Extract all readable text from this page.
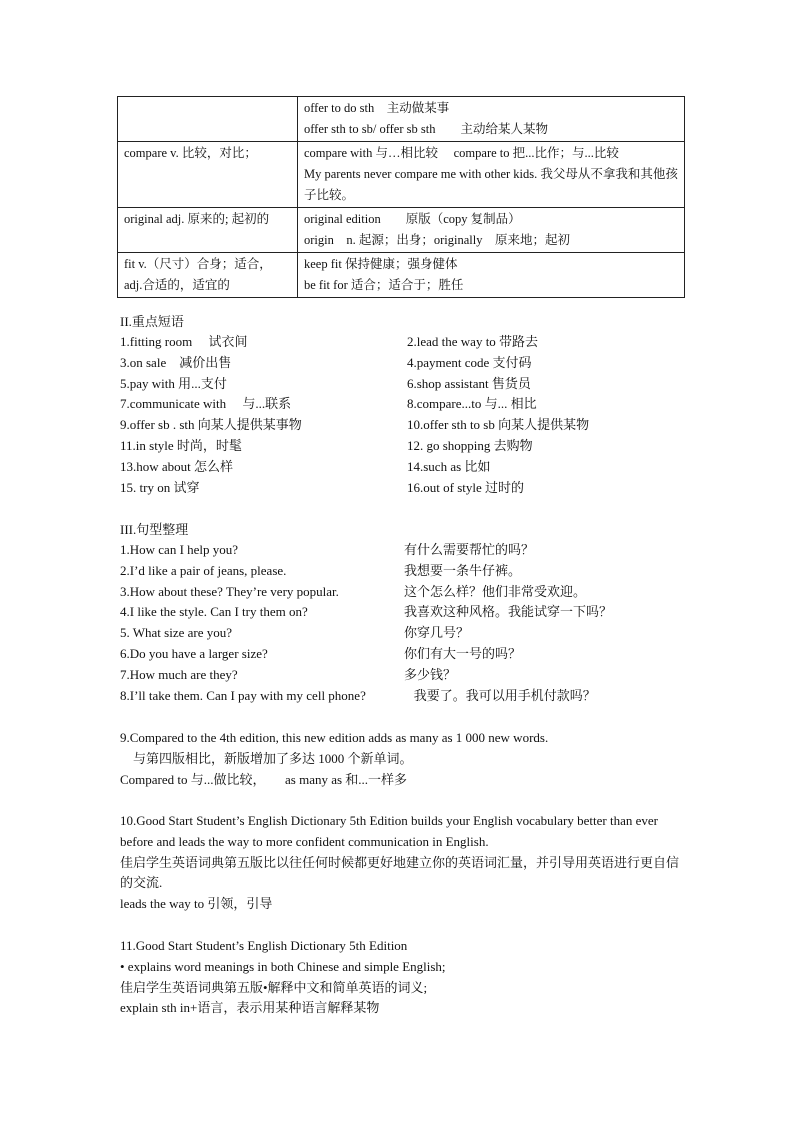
	offer to do sth　主动做某事
offer sth to sb/ offer sb sth　　主动给某人某物

compare v. 比较，对比；	compare with 与…相比较　 compare to 把...比作；与...比较
My parents never compare me with other kids. 我父母从不拿我和其他孩子比较。

original adj. 原来的; 起初的	original edition　　原版（copy 复制品）
origin　n. 起源；出身；originally　原来地；起初

fit v.（尺寸）合身；适合，
adj.合适的，适宜的	keep fit 保持健康；强身健体
be fit for 适合；适合于；胜任
II.重点短语
1.fitting room　 试衣间	2.lead the way to 带路去
3.on sale　减价出售	4.payment code 支付码
5.pay with 用...支付	6.shop assistant 售货员
7.communicate with　 与...联系	8.compare...to 与... 相比
9.offer sb . sth 向某人提供某事物	10.offer sth to sb 向某人提供某物
11.in style 时尚，时髦	12. go shopping 去购物
13.how about 怎么样	14.such as 比如
15. try on 试穿	16.out of style 过时的
III.句型整理
1.How can I help you?	有什么需要帮忙的吗？
2.I’d like a pair of jeans, please.	我想要一条牛仔裤。
3.How about these? They’re very popular.	这个怎么样？他们非常受欢迎。
4.I like the style. Can I try them on?	我喜欢这种风格。我能试穿一下吗？
5. What size are you?	你穿几号？
6.Do you have a larger size?	你们有大一号的吗？
7.How much are they?	多少钱？
8.I’ll take them. Can I pay with my cell phone?	我要了。我可以用手机付款吗？
9.Compared to the 4th edition, this new edition adds as many as 1 000 new words.
　与第四版相比，新版增加了多达 1000 个新单词。
Compared to 与...做比较，　　as many as 和...一样多
10.Good Start Student’s English Dictionary 5th Edition builds your English vocabulary better than ever before and leads the way to more confident communication in English.
佳启学生英语词典第五版比以往任何时候都更好地建立你的英语词汇量，并引导用英语进行更自信的交流.
leads the way to 引领，引导
11.Good Start Student’s English Dictionary 5th Edition
• explains word meanings in both Chinese and simple English;
佳启学生英语词典第五版•解释中文和简单英语的词义;
explain sth in+语言，表示用某种语言解释某物
